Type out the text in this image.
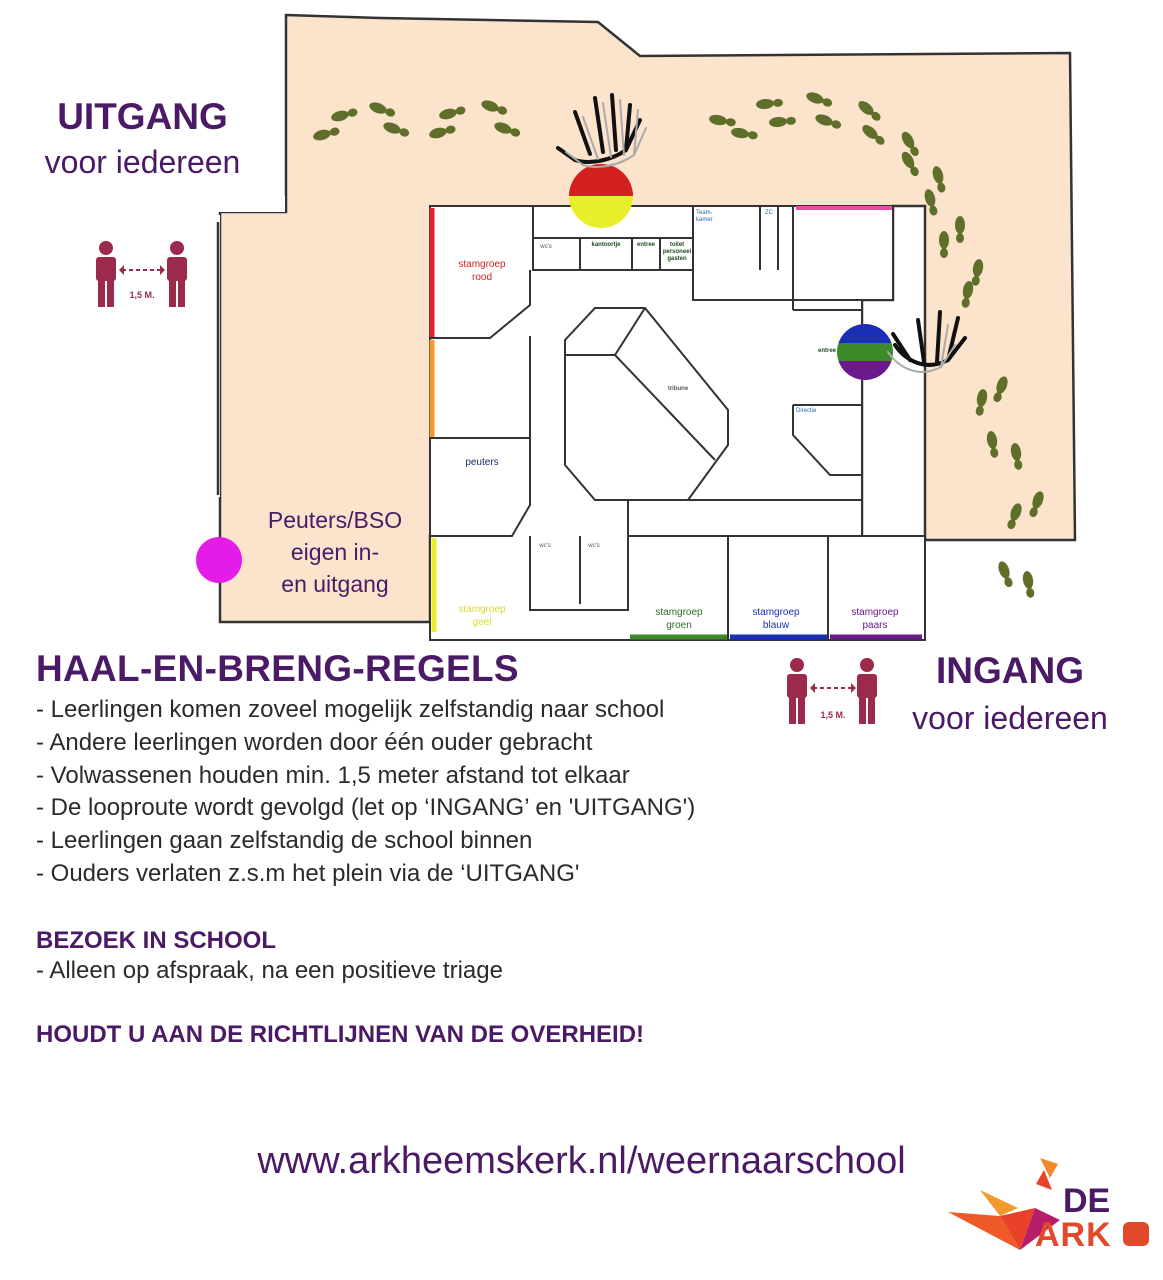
1,5 M.
1,5 M.
UITGANG
voor iedereen
INGANG
voor iedereen
Peuters/BSO
eigen in-
en uitgang
stamgroep
rood
peuters
stamgroep
geel
stamgroep
groen
stamgroep
blauw
stamgroep
paars
wc's	kantoortje	entree	toilet
personeel
gasten
Team-
kamer
ZC
entree
Directie
tribune
wc's	wc's
HAAL-EN-BRENG-REGELS
- Leerlingen komen zoveel mogelijk zelfstandig naar school
- Andere leerlingen worden door één ouder gebracht
- Volwassenen houden min. 1,5 meter afstand tot elkaar
- De looproute wordt gevolgd (let op ‘INGANG’ en 'UITGANG')
- Leerlingen gaan zelfstandig de school binnen
- Ouders verlaten z.s.m het plein via de ‘UITGANG'
BEZOEK IN SCHOOL

- Alleen op afspraak, na een positieve triage

HOUDT U AAN DE RICHTLIJNEN VAN DE OVERHEID!
www.arkheemskerk.nl/weernaarschool
DE
ARK
